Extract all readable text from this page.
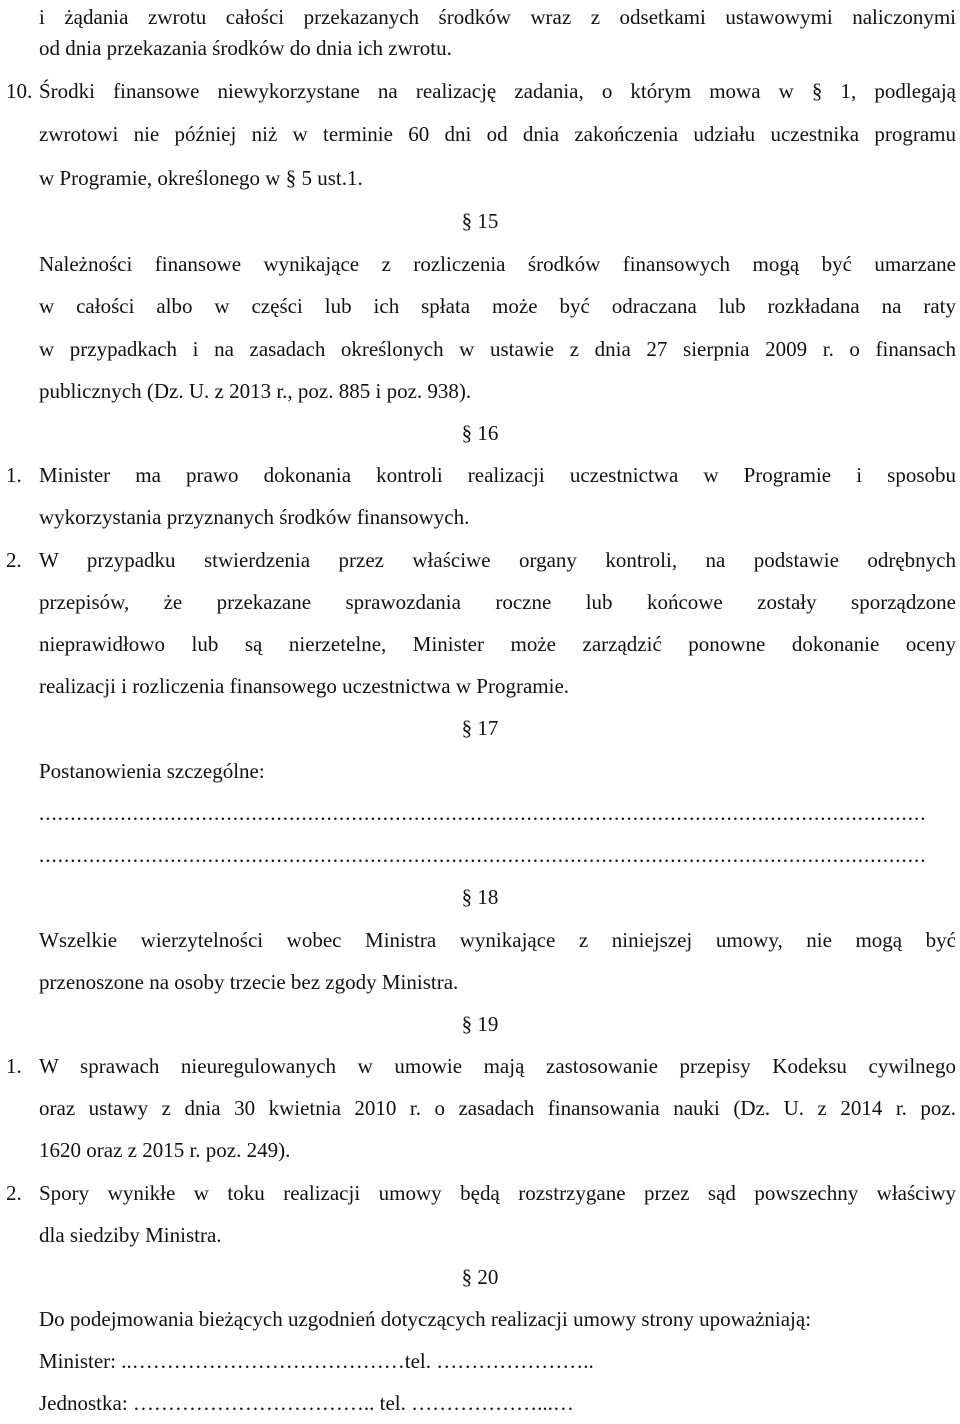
i żądania zwrotu całości przekazanych środków wraz z odsetkami ustawowymi naliczonymi
od dnia przekazania środków do dnia ich zwrotu.
10. Środki finansowe niewykorzystane na realizację zadania, o którym mowa w § 1, podlegają
zwrotowi nie później niż w terminie 60 dni od dnia zakończenia udziału uczestnika programu
w Programie, określonego w § 5 ust.1.
§ 15
Należności finansowe wynikające z rozliczenia środków finansowych mogą być umarzane
w całości albo w części lub ich spłata może być odraczana lub rozkładana na raty
w przypadkach i na zasadach określonych w ustawie z dnia 27 sierpnia 2009 r. o finansach
publicznych (Dz. U. z 2013 r., poz. 885 i poz. 938).
§ 16
1. Minister ma prawo dokonania kontroli realizacji uczestnictwa w Programie i sposobu
wykorzystania przyznanych środków finansowych.
2. W przypadku stwierdzenia przez właściwe organy kontroli, na podstawie odrębnych
przepisów, że przekazane sprawozdania roczne lub końcowe zostały sporządzone
nieprawidłowo lub są nierzetelne, Minister może zarządzić ponowne dokonanie oceny
realizacji i rozliczenia finansowego uczestnictwa w Programie.
§ 17
Postanowienia szczególne:
..............................................................................................................................................
..............................................................................................................................................
§ 18
Wszelkie wierzytelności wobec Ministra wynikające z niniejszej umowy, nie mogą być
przenoszone na osoby trzecie bez zgody Ministra.
§ 19
1. W sprawach nieuregulowanych w umowie mają zastosowanie przepisy Kodeksu cywilnego
oraz ustawy z dnia 30 kwietnia 2010 r. o zasadach finansowania nauki (Dz. U. z 2014 r. poz.
1620 oraz z 2015 r. poz. 249).
2. Spory wynikłe w toku realizacji umowy będą rozstrzygane przez sąd powszechny właściwy
dla siedziby Ministra.
§ 20
Do podejmowania bieżących uzgodnień dotyczących realizacji umowy strony upoważniają:
Minister: ..…………………………………tel. …………………..
Jednostka: …………………………….. tel. ………………...…
